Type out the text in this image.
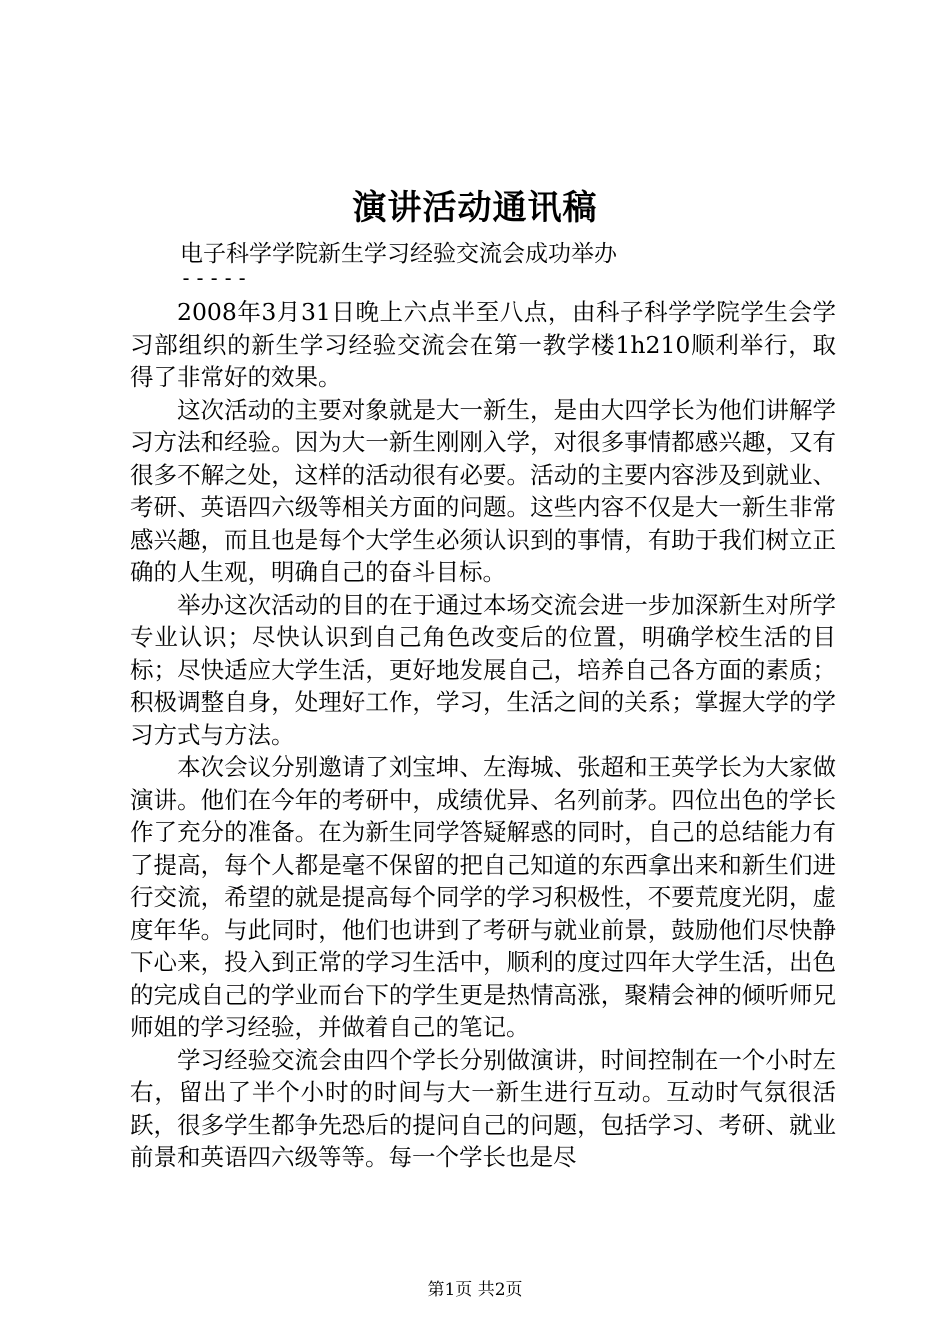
演讲活动通讯稿
电子科学学院新生学习经验交流会成功举办
-----

2008年3月31日晚上六点半至八点，由科子科学学院学生会学习部组织的新生学习经验交流会在第一教学楼1h210顺利举行，取得了非常好的效果。

这次活动的主要对象就是大一新生，是由大四学长为他们讲解学习方法和经验。因为大一新生刚刚入学，对很多事情都感兴趣，又有很多不解之处，这样的活动很有必要。活动的主要内容涉及到就业、考研、英语四六级等相关方面的问题。这些内容不仅是大一新生非常感兴趣，而且也是每个大学生必须认识到的事情，有助于我们树立正确的人生观，明确自己的奋斗目标。

举办这次活动的目的在于通过本场交流会进一步加深新生对所学专业认识；尽快认识到自己角色改变后的位置，明确学校生活的目标；尽快适应大学生活，更好地发展自己，培养自己各方面的素质；积极调整自身，处理好工作，学习，生活之间的关系；掌握大学的学习方式与方法。

本次会议分别邀请了刘宝坤、左海城、张超和王英学长为大家做演讲。他们在今年的考研中，成绩优异、名列前茅。四位出色的学长作了充分的准备。在为新生同学答疑解惑的同时，自己的总结能力有了提高，每个人都是毫不保留的把自己知道的东西拿出来和新生们进行交流，希望的就是提高每个同学的学习积极性，不要荒度光阴，虚度年华。与此同时，他们也讲到了考研与就业前景，鼓励他们尽快静下心来，投入到正常的学习生活中，顺利的度过四年大学生活，出色的完成自己的学业而台下的学生更是热情高涨，聚精会神的倾听师兄师姐的学习经验，并做着自己的笔记。

学习经验交流会由四个学长分别做演讲，时间控制在一个小时左右，留出了半个小时的时间与大一新生进行互动。互动时气氛很活跃，很多学生都争先恐后的提问自己的问题，包括学习、考研、就业前景和英语四六级等等。每一个学长也是尽

第1页 共2页
